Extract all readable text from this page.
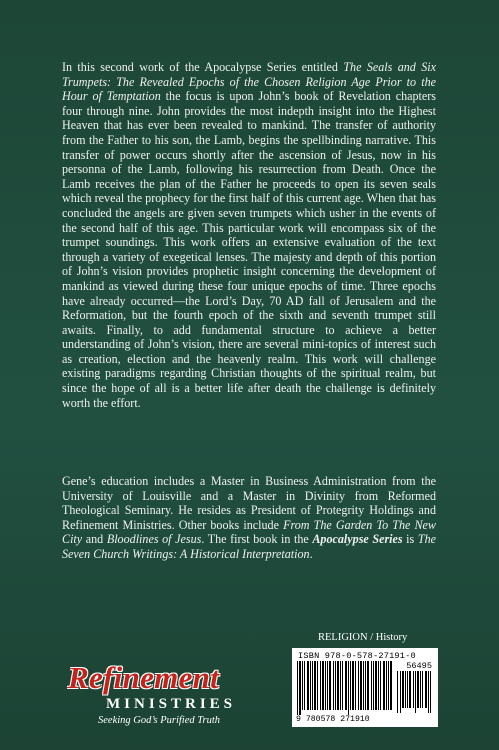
In this second work of the Apocalypse Series entitled The Seals and Six Trumpets: The Revealed Epochs of the Chosen Religion Age Prior to the Hour of Temptation the focus is upon John’s book of Revelation chapters four through nine. John provides the most indepth insight into the Highest Heaven that has ever been revealed to mankind. The transfer of authority from the Father to his son, the Lamb, begins the spellbinding narrative. This transfer of power occurs shortly after the ascension of Jesus, now in his personna of the Lamb, following his resurrection from Death. Once the Lamb receives the plan of the Father he proceeds to open its seven seals which reveal the prophecy for the first half of this current age. When that has concluded the angels are given seven trumpets which usher in the events of the second half of this age. This particular work will encompass six of the trumpet soundings. This work offers an extensive evaluation of the text through a variety of exegetical lenses. The majesty and depth of this portion of John’s vision provides prophetic insight concerning the development of mankind as viewed during these four unique epochs of time. Three epochs have already occurred—the Lord’s Day, 70 AD fall of Jerusalem and the Reformation, but the fourth epoch of the sixth and seventh trumpet still awaits. Finally, to add fundamental structure to achieve a better understanding of John’s vision, there are several mini-topics of interest such as creation, election and the heavenly realm. This work will challenge existing paradigms regarding Christian thoughts of the spiritual realm, but since the hope of all is a better life after death the challenge is definitely worth the effort.
Gene’s education includes a Master in Business Administration from the University of Louisville and a Master in Divinity from Reformed Theological Seminary. He resides as President of Protegrity Holdings and Refinement Ministries. Other books include From The Garden To The New City and Bloodlines of Jesus. The first book in the Apocalypse Series is The Seven Church Writings: A Historical Interpretation.
RELIGION / History
ISBN 978-0-578-27191-0
56495
9 780578 271910
Refinement
MINISTRIES
Seeking God’s Purified Truth
